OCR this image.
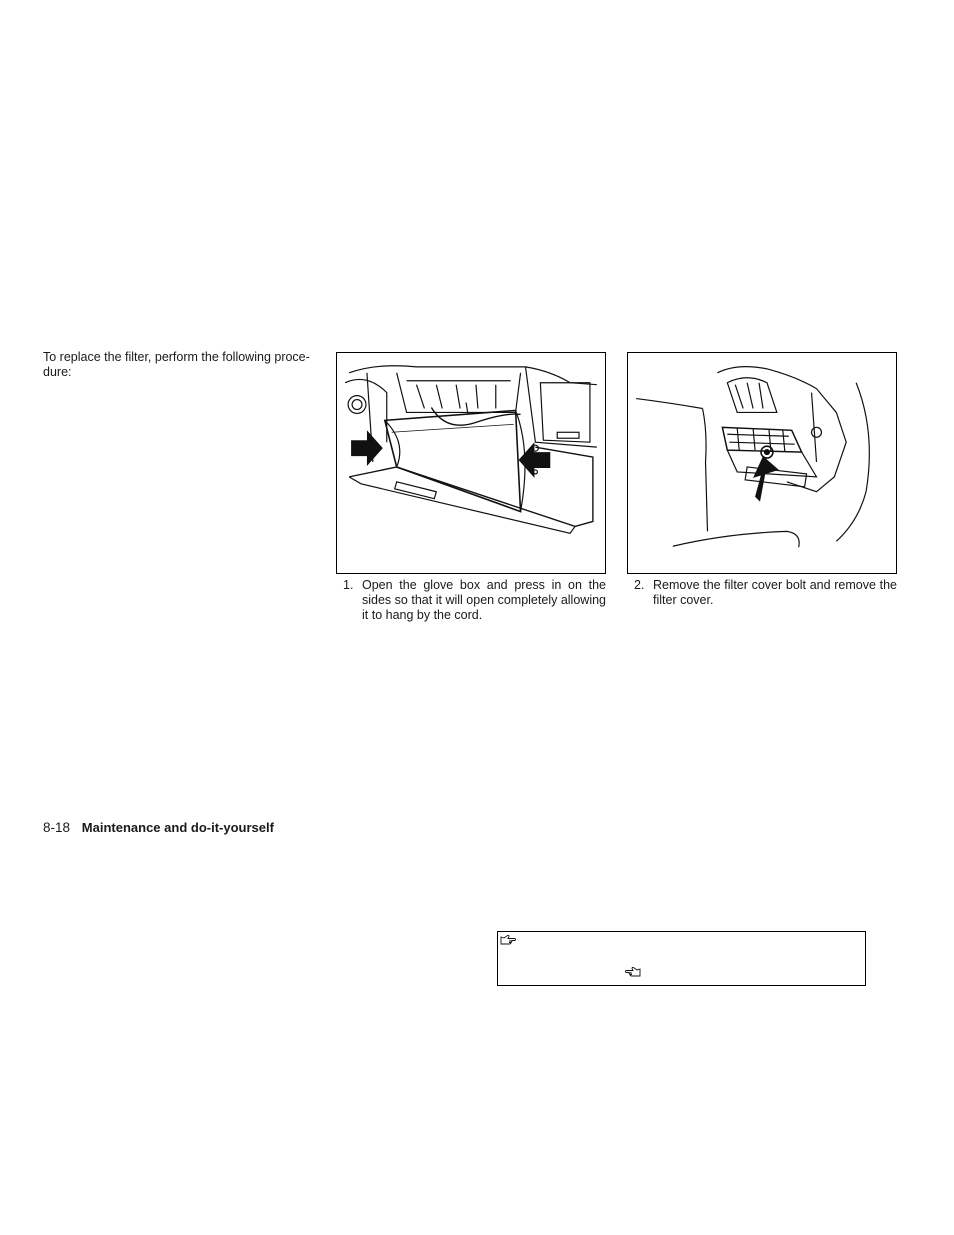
To replace the filter, perform the following proce-dure:

1. Open the glove box and press in on the sides so that it will open completely allowing it to hang by the cord.
2. Remove the filter cover bolt and remove the filter cover.
8-18 Maintenance and do-it-yourself
